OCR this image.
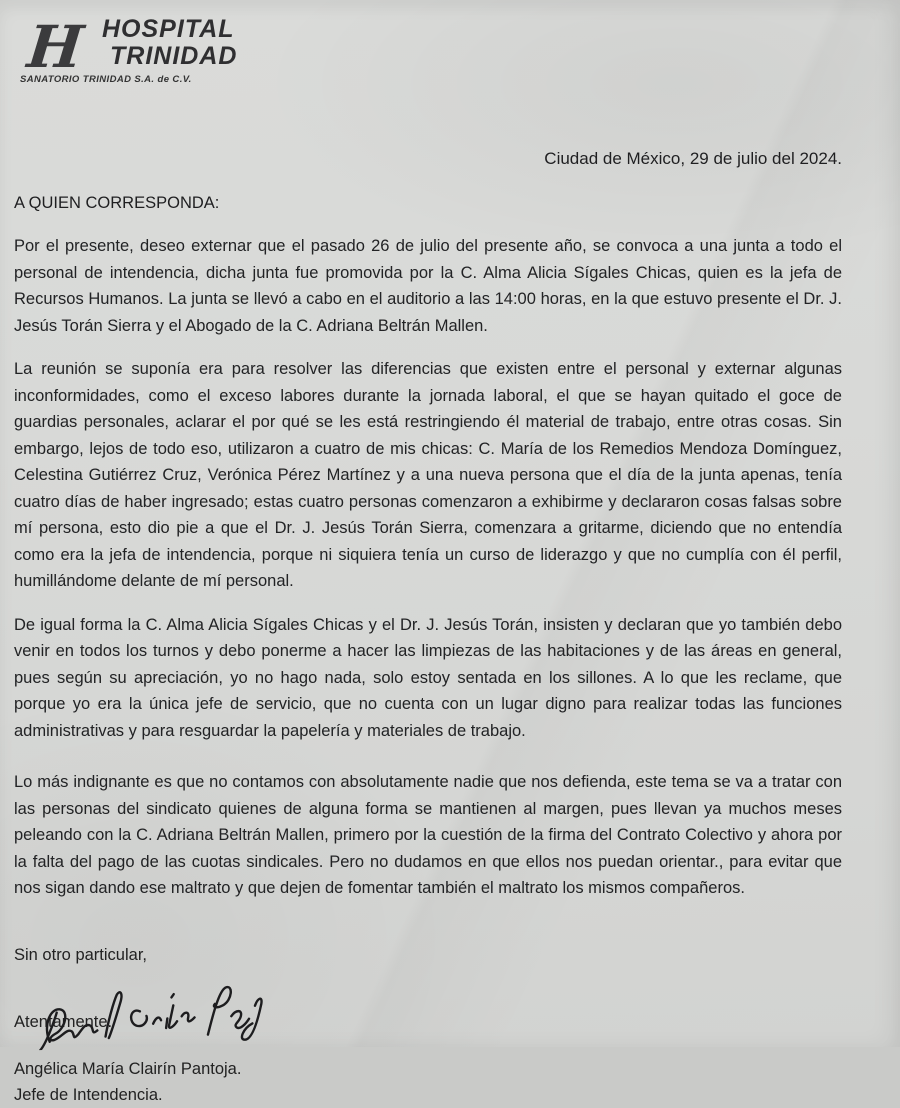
H HOSPITAL
TRINIDAD
SANATORIO TRINIDAD S.A. de C.V.
Ciudad de México, 29 de julio del 2024.
A QUIEN CORRESPONDA:

Por el presente, deseo externar que el pasado 26 de julio del presente año, se convoca a una junta a todo el personal de intendencia, dicha junta fue promovida por la C. Alma Alicia Sígales Chicas, quien es la jefa de Recursos Humanos. La junta se llevó a cabo en el auditorio a las 14:00 horas, en la que estuvo presente el Dr. J. Jesús Torán Sierra y el Abogado de la C. Adriana Beltrán Mallen.

La reunión se suponía era para resolver las diferencias que existen entre el personal y externar algunas inconformidades, como el exceso labores durante la jornada laboral, el que se hayan quitado el goce de guardias personales, aclarar el por qué se les está restringiendo él material de trabajo, entre otras cosas. Sin embargo, lejos de todo eso, utilizaron a cuatro de mis chicas: C. María de los Remedios Mendoza Domínguez, Celestina Gutiérrez Cruz, Verónica Pérez Martínez y a una nueva persona que el día de la junta apenas, tenía cuatro días de haber ingresado; estas cuatro personas comenzaron a exhibirme y declararon cosas falsas sobre mí persona, esto dio pie a que el Dr. J. Jesús Torán Sierra, comenzara a gritarme, diciendo que no entendía como era la jefa de intendencia, porque ni siquiera tenía un curso de liderazgo y que no cumplía con él perfil, humillándome delante de mí personal.

De igual forma la C. Alma Alicia Sígales Chicas y el Dr. J. Jesús Torán, insisten y declaran que yo también debo venir en todos los turnos y debo ponerme a hacer las limpiezas de las habitaciones y de las áreas en general, pues según su apreciación, yo no hago nada, solo estoy sentada en los sillones. A lo que les reclame, que porque yo era la única jefe de servicio, que no cuenta con un lugar digno para realizar todas las funciones administrativas y para resguardar la papelería y materiales de trabajo.

Lo más indignante es que no contamos con absolutamente nadie que nos defienda, este tema se va a tratar con las personas del sindicato quienes de alguna forma se mantienen al margen, pues llevan ya muchos meses peleando con la C. Adriana Beltrán Mallen, primero por la cuestión de la firma del Contrato Colectivo y ahora por la falta del pago de las cuotas sindicales. Pero no dudamos en que ellos nos puedan orientar., para evitar que nos sigan dando ese maltrato y que dejen de fomentar también el maltrato los mismos compañeros.

Sin otro particular,
Atentamente.
Angélica María Clairín Pantoja.
Jefe de Intendencia.
